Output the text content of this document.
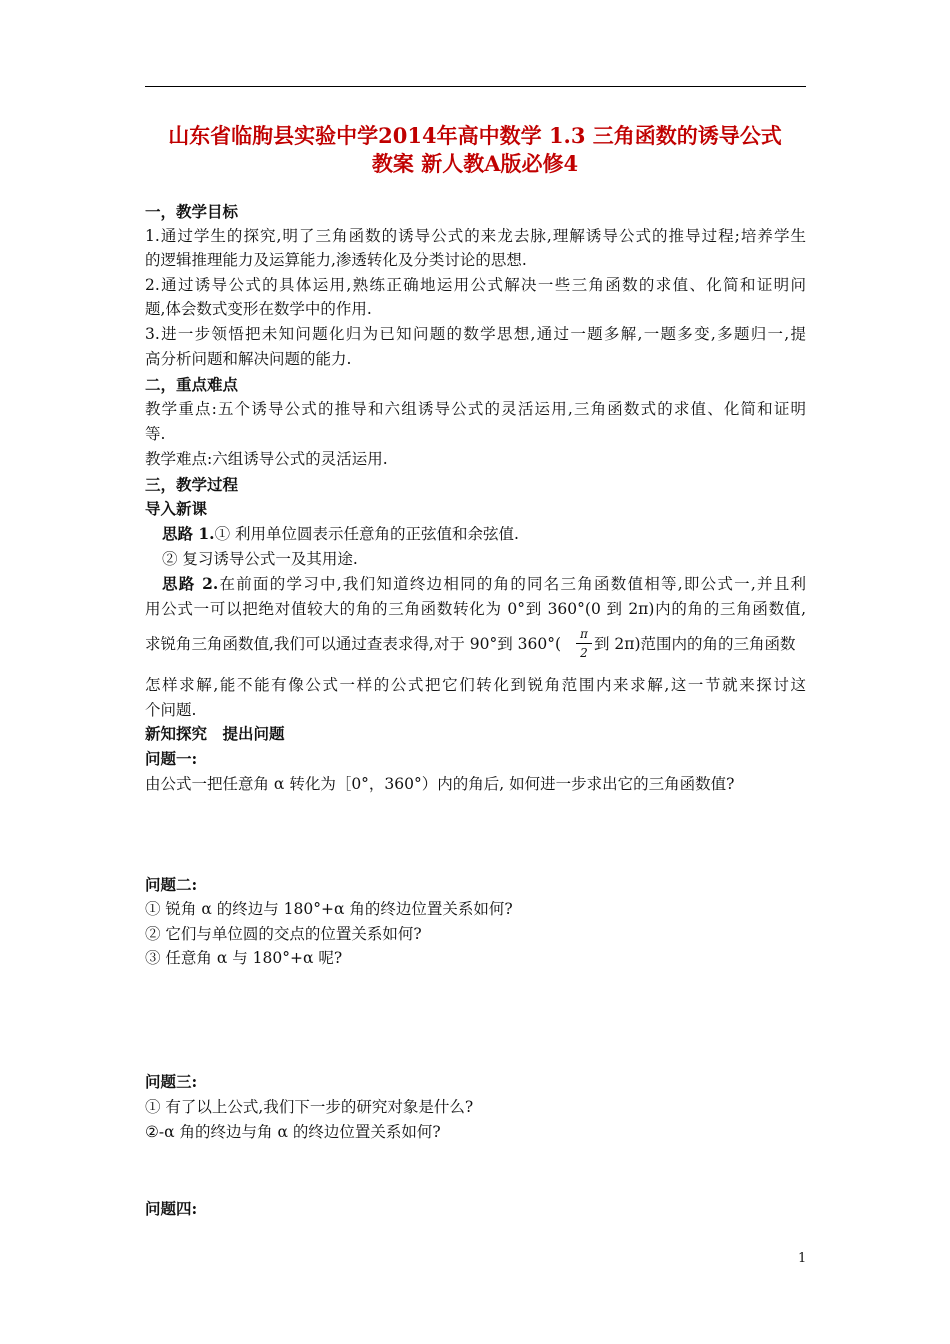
山东省临朐县实验中学2014年高中数学 1.3 三角函数的诱导公式
教案 新人教A版必修4
一，教学目标
1.通过学生的探究,明了三角函数的诱导公式的来龙去脉,理解诱导公式的推导过程;培养学生
的逻辑推理能力及运算能力,渗透转化及分类讨论的思想.
2.通过诱导公式的具体运用,熟练正确地运用公式解决一些三角函数的求值、化简和证明问
题,体会数式变形在数学中的作用.
3.进一步领悟把未知问题化归为已知问题的数学思想,通过一题多解,一题多变,多题归一,提
高分析问题和解决问题的能力.
二，重点难点
教学重点:五个诱导公式的推导和六组诱导公式的灵活运用,三角函数式的求值、化简和证明
等.
教学难点:六组诱导公式的灵活运用.
三，教学过程
导入新课
思路 1.① 利用单位圆表示任意角的正弦值和余弦值.
② 复习诱导公式一及其用途.
思路 2.在前面的学习中,我们知道终边相同的角的同名三角函数值相等,即公式一,并且利
用公式一可以把绝对值较大的角的三角函数转化为 0°到 360°(0 到 2π)内的角的三角函数值,
求锐角三角函数值,我们可以通过查表求得,对于 90°到 360°(
π
2 到 2π)范围内的角的三角函数
怎样求解,能不能有像公式一样的公式把它们转化到锐角范围内来求解,这一节就来探讨这
个问题.
新知探究　提出问题
问题一:
由公式一把任意角 α 转化为［0°，360°）内的角后, 如何进一步求出它的三角函数值?
问题二:
① 锐角 α 的终边与 180°+α 角的终边位置关系如何?
② 它们与单位圆的交点的位置关系如何?
③ 任意角 α 与 180°+α 呢?
问题三:
① 有了以上公式,我们下一步的研究对象是什么?
②-α 角的终边与角 α 的终边位置关系如何?
问题四:
1
